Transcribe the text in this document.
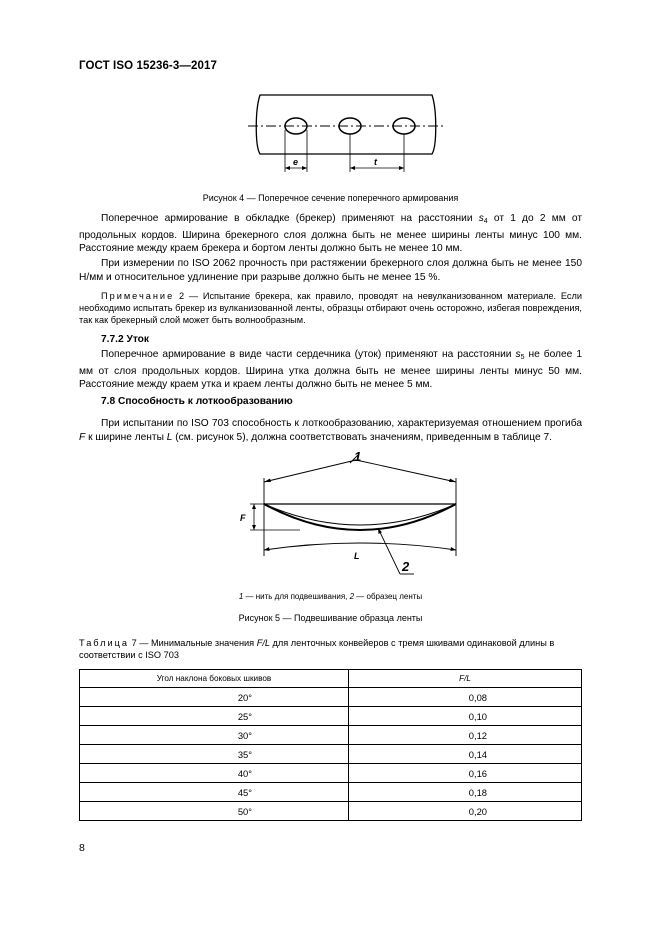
ГОСТ ISO 15236-3—2017
e	t
Рисунок 4 — Поперечное сечение поперечного армирования
Поперечное армирование в обкладке (брекер) применяют на расстоянии $s_4$ от 1 до 2 мм от продольных кордов. Ширина брекерного слоя должна быть не менее ширины ленты минус 100 мм. Расстояние между краем брекера и бортом ленты должно быть не менее 10 мм.
При измерении по ISO 2062 прочность при растяжении брекерного слоя должна быть не менее 150 Н/мм и относительное удлинение при разрыве должно быть не менее 15 %.
Примечание 2 — Испытание брекера, как правило, проводят на невулканизованном материале. Если необходимо испытать брекер из вулканизованной ленты, образцы отбирают очень осторожно, избегая повреждения, так как брекерный слой может быть волнообразным.
7.7.2 Уток
Поперечное армирование в виде части сердечника (уток) применяют на расстоянии $s_5$ не более 1 мм от слоя продольных кордов. Ширина утка должна быть не менее ширины ленты минус 50 мм. Расстояние между краем утка и краем ленты должно быть не менее 5 мм.
7.8 Способность к лоткообразованию
При испытании по ISO 703 способность к лоткообразованию, характеризуемая отношением прогиба F к ширине ленты L (см. рисунок 5), должна соответствовать значениям, приведенным в таблице 7.
1
F
L
2
1 — нить для подвешивания, 2 — образец ленты
Рисунок 5 — Подвешивание образца ленты
Таблица 7 — Минимальные значения F/L для ленточных конвейеров с тремя шкивами одинаковой длины в соответствии с ISO 703
Угол наклона боковых шкивов	F/L
20°	0,08
25°	0,10
30°	0,12
35°	0,14
40°	0,16
45°	0,18
50°	0,20
8
